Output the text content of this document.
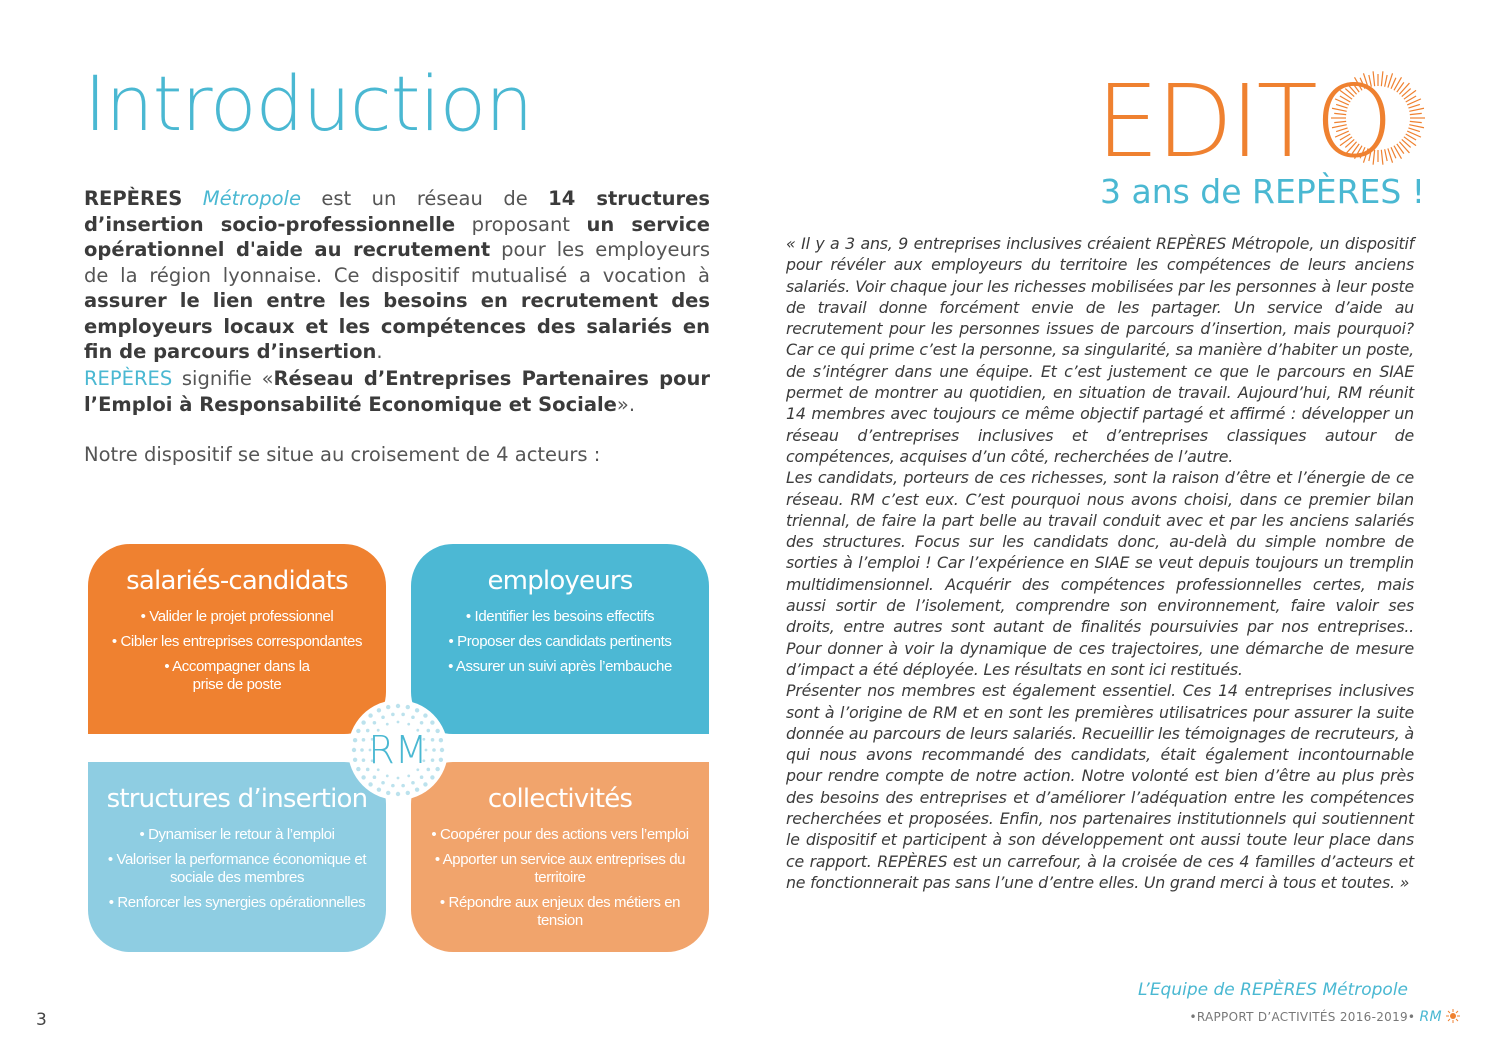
Introduction

REPÈRES Métropole est un réseau de 14 structures d’insertion socio-professionnelle proposant un service opérationnel d'aide au recrutement pour les employeurs de la région lyonnaise. Ce dispositif mutualisé a vocation à assurer le lien entre les besoins en recrutement des employeurs locaux et les compétences des salariés en fin de parcours d’insertion.

REPÈRES signifie «Réseau d’Entreprises Partenaires pour l’Emploi à Responsabilité Economique et Sociale».

Notre dispositif se situe au croisement de 4 acteurs :

salariés-candidats
• Valider le projet professionnel
• Cibler les entreprises correspondantes
• Accompagner dans la prise de poste
employeurs
• Identifier les besoins effectifs
• Proposer des candidats pertinents
• Assurer un suivi après l’embauche
structures d’insertion
• Dynamiser le retour à l’emploi
• Valoriser la performance économique et sociale des membres
• Renforcer les synergies opérationnelles
collectivités
• Coopérer pour des actions vers l’emploi
• Apporter un service aux entreprises du territoire
• Répondre aux enjeux des métiers en tension
RM
3
EDITO
3 ans de REPÈRES !
« Il y a 3 ans, 9 entreprises inclusives créaient REPÈRES Métropole, un dispositif pour révéler aux employeurs du territoire les compétences de leurs anciens salariés. Voir chaque jour les richesses mobilisées par les personnes à leur poste de travail donne forcément envie de les partager. Un service d’aide au recrutement pour les personnes issues de parcours d’insertion, mais pourquoi? Car ce qui prime c’est la personne, sa singularité, sa manière d’habiter un poste, de s’intégrer dans une équipe. Et c’est justement ce que le parcours en SIAE permet de montrer au quotidien, en situation de travail. Aujourd’hui, RM réunit 14 membres avec toujours ce même objectif partagé et affirmé : développer un réseau d’entreprises inclusives et d’entreprises classiques autour de compétences, acquises d’un côté, recherchées de l’autre.
Les candidats, porteurs de ces richesses, sont la raison d’être et l’énergie de ce réseau. RM c’est eux. C’est pourquoi nous avons choisi, dans ce premier bilan triennal, de faire la part belle au travail conduit avec et par les anciens salariés des structures. Focus sur les candidats donc, au-delà du simple nombre de sorties à l’emploi ! Car l’expérience en SIAE se veut depuis toujours un tremplin multidimensionnel. Acquérir des compétences professionnelles certes, mais aussi sortir de l’isolement, comprendre son environnement, faire valoir ses droits, entre autres sont autant de finalités poursuivies par nos entreprises.. Pour donner à voir la dynamique de ces trajectoires, une démarche de mesure d’impact a été déployée. Les résultats en sont ici restitués.
Présenter nos membres est également essentiel. Ces 14 entreprises inclusives sont à l’origine de RM et en sont les premières utilisatrices pour assurer la suite donnée au parcours de leurs salariés. Recueillir les témoignages de recruteurs, à qui nous avons recommandé des candidats, était également incontournable pour rendre compte de notre action. Notre volonté est bien d’être au plus près des besoins des entreprises et d’améliorer l’adéquation entre les compétences recherchées et proposées. Enfin, nos partenaires institutionnels qui soutiennent le dispositif et participent à son développement ont aussi toute leur place dans ce rapport. REPÈRES est un carrefour, à la croisée de ces 4 familles d’acteurs et ne fonctionnerait pas sans l’une d’entre elles. Un grand merci à tous et toutes. »
L’Equipe de REPÈRES Métropole
•RAPPORT D’ACTIVITÉS 2016-2019• RM
